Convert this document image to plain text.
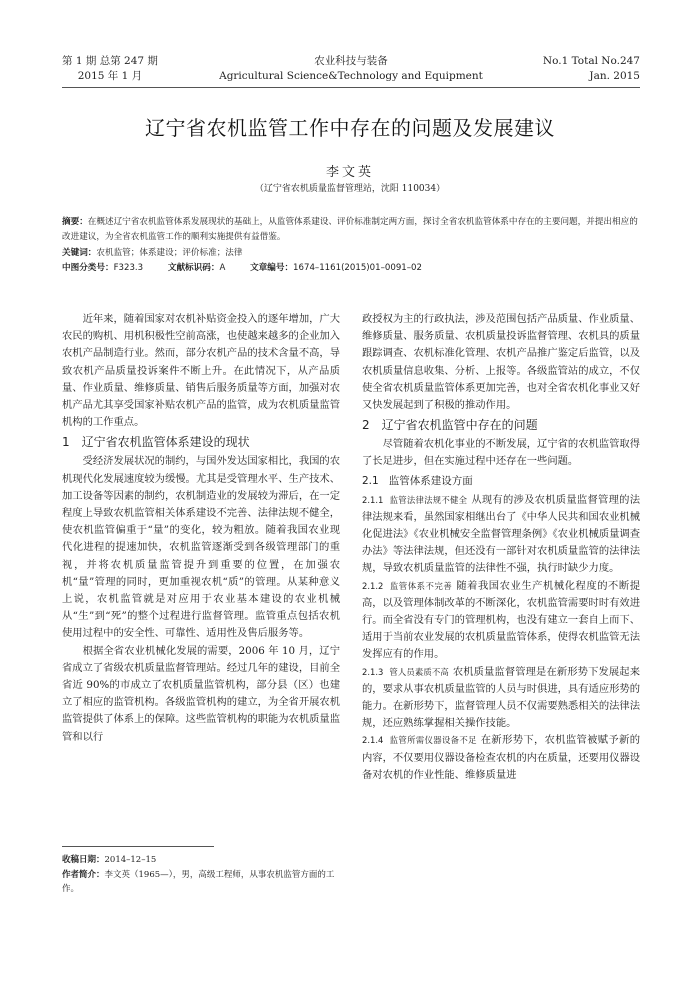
第 1 期 总第 247 期
2015 年 1 月
农业科技与装备
Agricultural Science&Technology and Equipment
No.1 Total No.247
Jan. 2015
辽宁省农机监管工作中存在的问题及发展建议
李文英
（辽宁省农机质量监督管理站，沈阳 110034）
摘要：在概述辽宁省农机监管体系发展现状的基础上，从监管体系建设、评价标准制定两方面，探讨全省农机监管体系中存在的主要问题，并提出相应的改进建议，为全省农机监管工作的顺利实施提供有益借鉴。
关键词：农机监管；体系建设；评价标准；法律
中图分类号：F323.3	文献标识码：A	文章编号：1674–1161(2015)01–0091–02

近年来，随着国家对农机补贴资金投入的逐年增加，广大农民的购机、用机积极性空前高涨，也使越来越多的企业加入农机产品制造行业。然而，部分农机产品的技术含量不高，导致农机产品质量投诉案件不断上升。在此情况下，从产品质量、作业质量、维修质量、销售后服务质量等方面，加强对农机产品尤其享受国家补贴农机产品的监管，成为农机质量监管机构的工作重点。

1 辽宁省农机监管体系建设的现状

受经济发展状况的制约，与国外发达国家相比，我国的农机现代化发展速度较为缓慢。尤其是受管理水平、生产技术、加工设备等因素的制约，农机制造业的发展较为滞后，在一定程度上导致农机监管相关体系建设不完善、法律法规不健全，使农机监管偏重于“量”的变化，较为粗放。随着我国农业现代化进程的提速加快，农机监管逐渐受到各级管理部门的重视，并将农机质量监管提升到重要的位置，在加强农机“量”管理的同时，更加重视农机“质”的管理。从某种意义上说，农机监管就是对应用于农业基本建设的农业机械从“生”到“死”的整个过程进行监督管理。监管重点包括农机使用过程中的安全性、可靠性、适用性及售后服务等。

根据全省农业机械化发展的需要，2006 年 10 月，辽宁省成立了省级农机质量监督管理站。经过几年的建设，目前全省近 90%的市成立了农机质量监管机构，部分县（区）也建立了相应的监管机构。各级监管机构的建立，为全省开展农机监管提供了体系上的保障。这些监管机构的职能为农机质量监管和以行

政授权为主的行政执法，涉及范围包括产品质量、作业质量、维修质量、服务质量、农机质量投诉监督管理、农机具的质量跟踪调查、农机标准化管理、农机产品推广鉴定后监管，以及农机质量信息收集、分析、上报等。各级监管站的成立，不仅使全省农机质量监管体系更加完善，也对全省农机化事业又好又快发展起到了积极的推动作用。

2 辽宁省农机监管中存在的问题

尽管随着农机化事业的不断发展，辽宁省的农机监管取得了长足进步，但在实施过程中还存在一些问题。

2.1 监管体系建设方面

2.1.1 监管法律法规不健全 从现有的涉及农机质量监督管理的法律法规来看，虽然国家相继出台了《中华人民共和国农业机械化促进法》《农业机械安全监督管理条例》《农业机械质量调查办法》等法律法规，但还没有一部针对农机质量监管的法律法规，导致农机质量监管的法律性不强，执行时缺少力度。

2.1.2 监管体系不完善 随着我国农业生产机械化程度的不断提高，以及管理体制改革的不断深化，农机监管需要时时有效进行。而全省没有专门的管理机构，也没有建立一套自上而下、适用于当前农业发展的农机质量监管体系，使得农机监管无法发挥应有的作用。

2.1.3 管人员素质不高 农机质量监督管理是在新形势下发展起来的，要求从事农机质量监管的人员与时俱进，具有适应形势的能力。在新形势下，监督管理人员不仅需要熟悉相关的法律法规，还应熟练掌握相关操作技能。

2.1.4 监管所需仪器设备不足 在新形势下，农机监管被赋予新的内容，不仅要用仪器设备检查农机的内在质量，还要用仪器设备对农机的作业性能、维修质量进

收稿日期：2014–12–15
作者简介：李文英（1965—），男，高级工程师，从事农机监管方面的工作。
